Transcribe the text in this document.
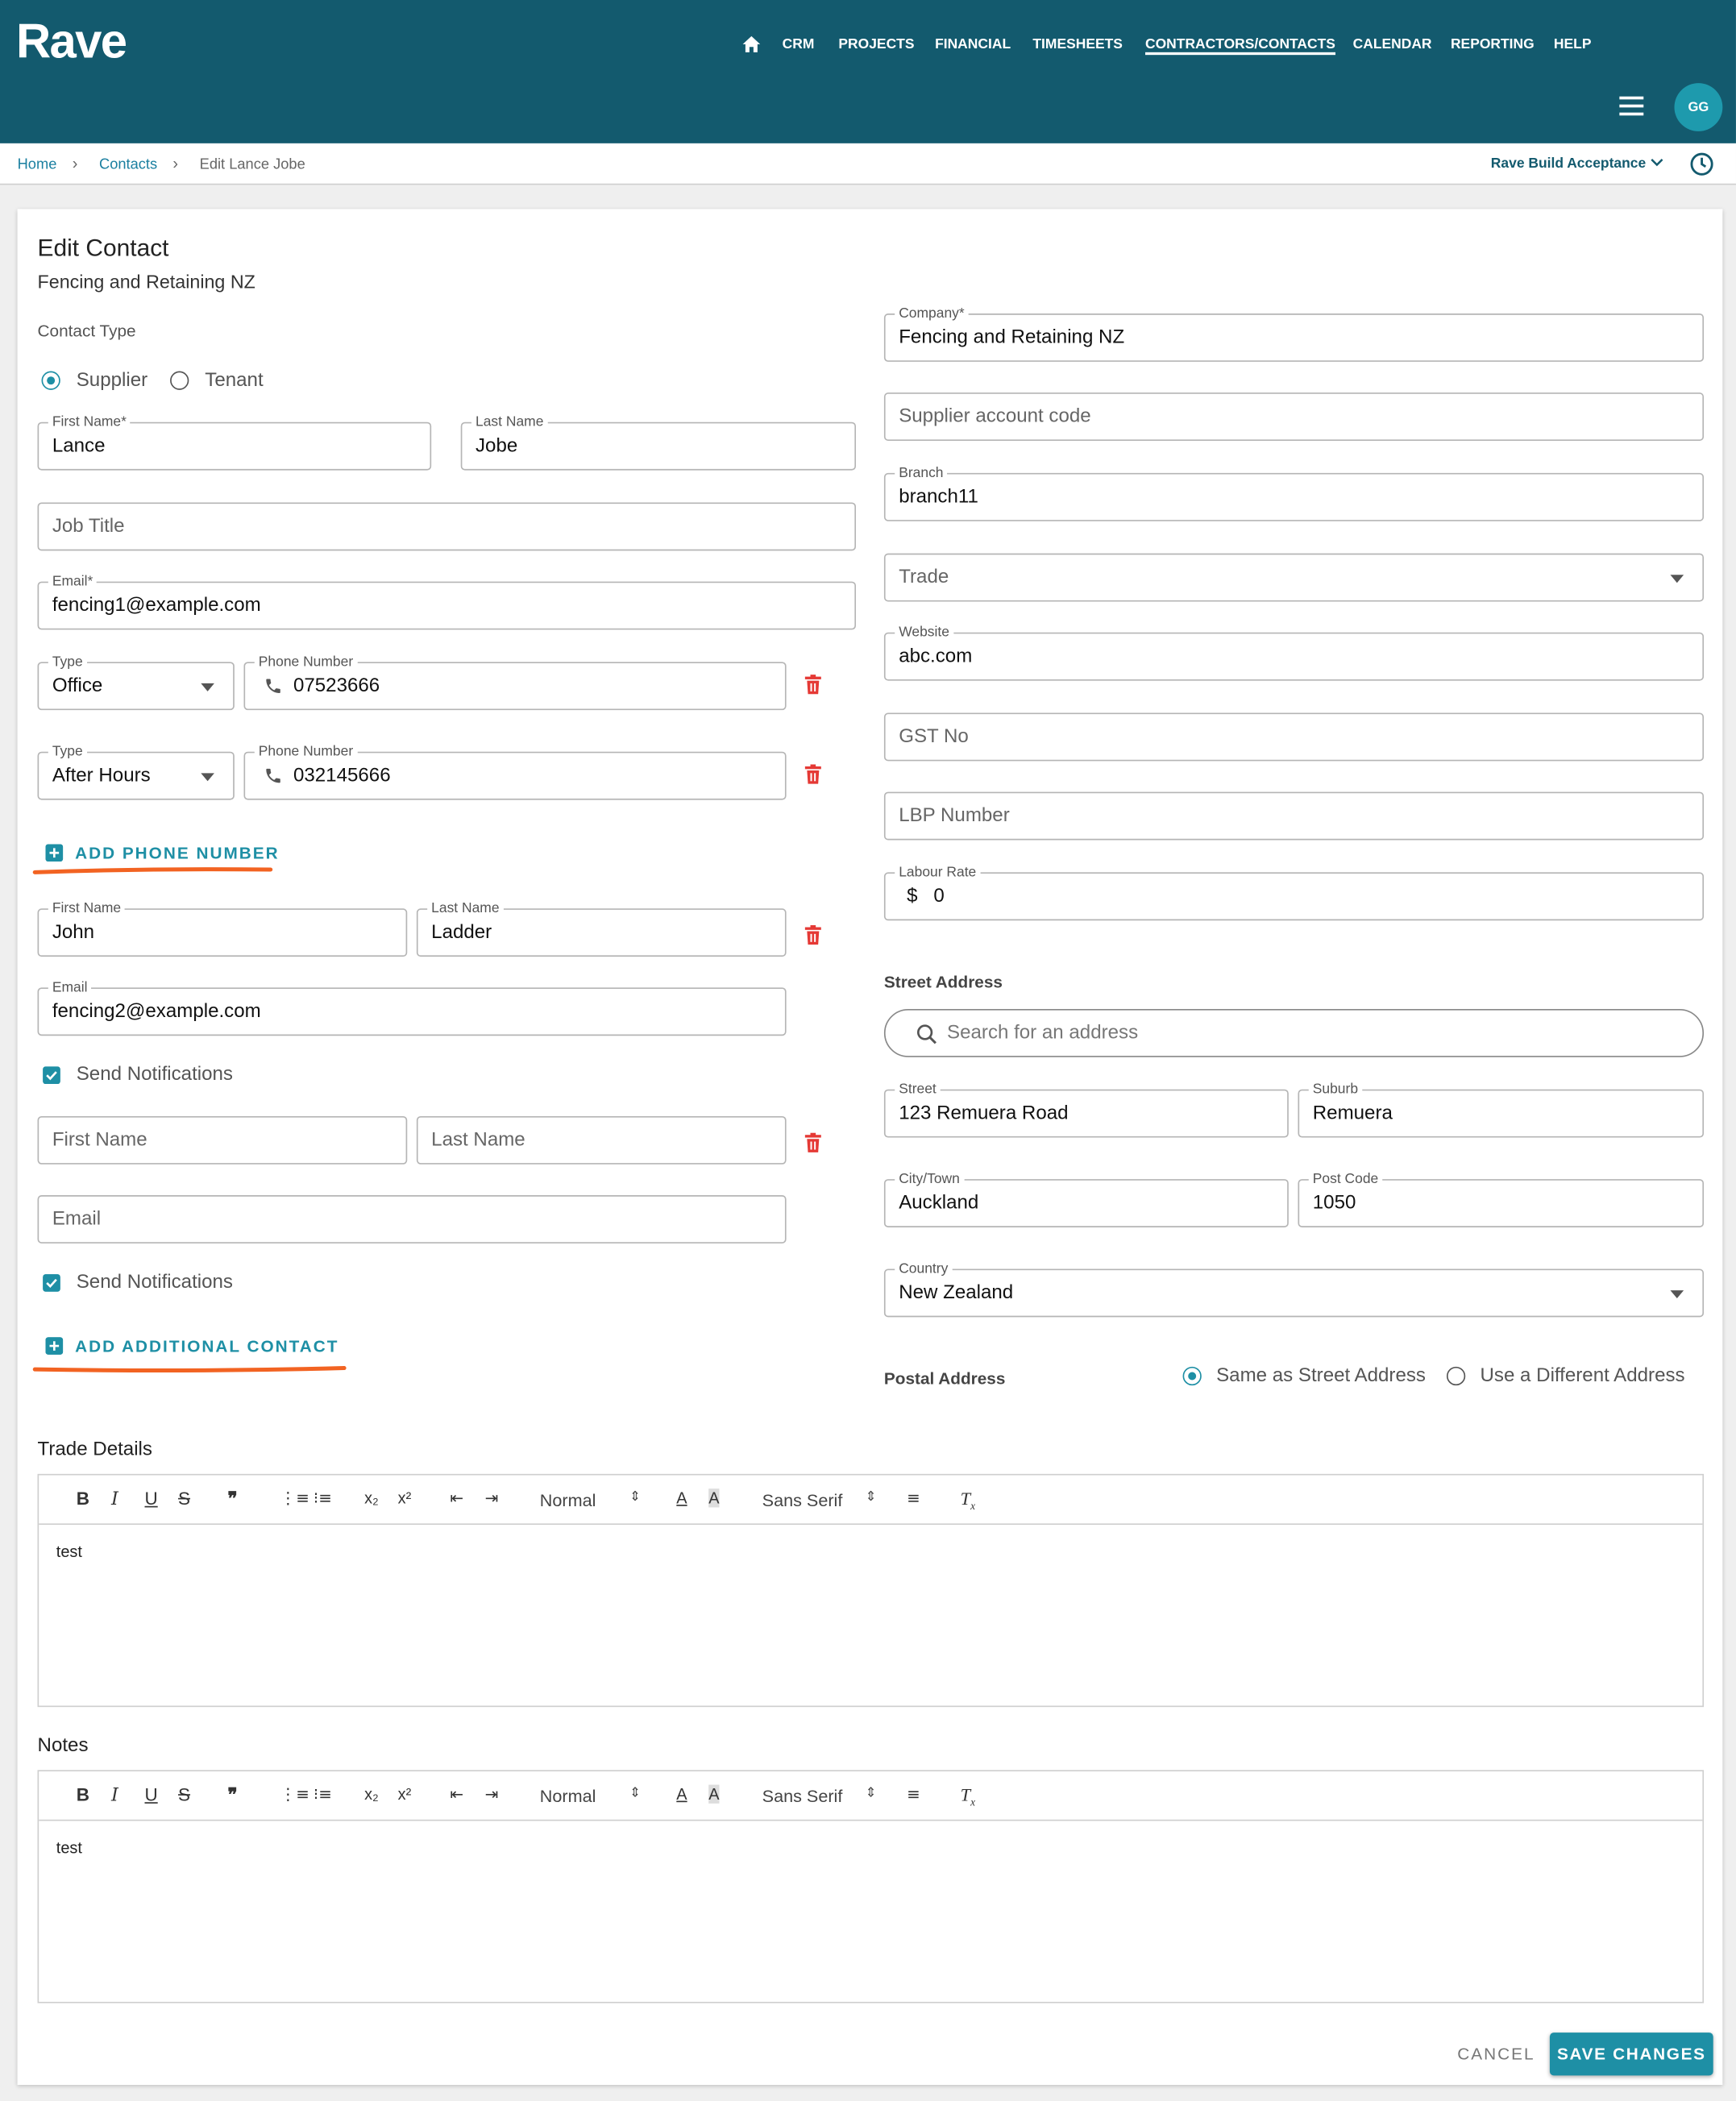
Rave	CRM	PROJECTS FINANCIAL	TIMESHEETS	CONTRACTORS/CONTACTS CALENDAR REPORTING HELP
GG
Home › Contacts › Edit Lance Jobe	Rave Build Acceptance
Edit Contact
Fencing and Retaining NZ
Contact Type
Supplier	Tenant
First Name*
Lance
Last Name
Jobe
Job Title
Email*
fencing1@example.com
Type
Office
Phone Number
07523666
Type
After Hours
Phone Number
032145666
ADD PHONE NUMBER
First Name
John
Last Name
Ladder
Email
fencing2@example.com
Send Notifications
First Name	Last Name
Email
Send Notifications
ADD ADDITIONAL CONTACT
Company*
Fencing and Retaining NZ
Supplier account code
Branch
branch11
Trade
Website
abc.com
GST No
LBP Number
Labour Rate
$ 0
Street Address
Search for an address
Street
123 Remuera Road
Suburb
Remuera
City/Town
Auckland
Post Code
1050
Country
New Zealand
Postal Address	Same as Street Address	Use a Different Address
Trade Details
B I U S	❞	⋮≡ ⁝≡	x₂ x²	⇤ ⇥	Normal	⇕	A A	Sans Serif	⇕	≡	$T_x$
test
Notes
B I U S	❞	⋮≡ ⁝≡	x₂ x²	⇤ ⇥	Normal	⇕	A A	Sans Serif	⇕	≡	$T_x$
test
CANCEL	SAVE CHANGES
